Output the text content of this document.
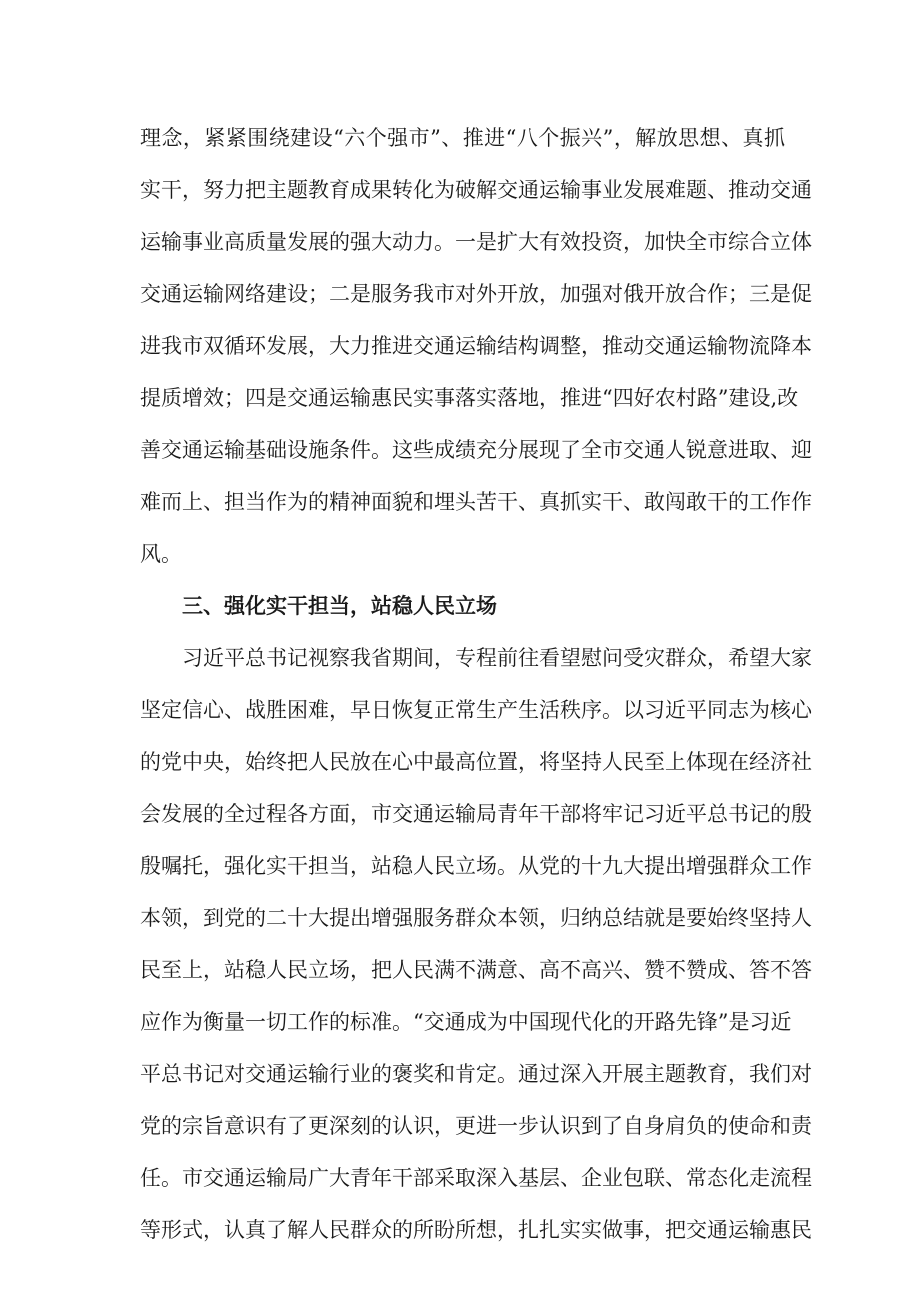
理念，紧紧围绕建设“六个强市”、推进“八个振兴”，解放思想、真抓
实干，努力把主题教育成果转化为破解交通运输事业发展难题、推动交通
运输事业高质量发展的强大动力。一是扩大有效投资，加快全市综合立体
交通运输网络建设；二是服务我市对外开放，加强对俄开放合作；三是促
进我市双循环发展，大力推进交通运输结构调整，推动交通运输物流降本
提质增效；四是交通运输惠民实事落实落地，推进“四好农村路”建设,改
善交通运输基础设施条件。这些成绩充分展现了全市交通人锐意进取、迎
难而上、担当作为的精神面貌和埋头苦干、真抓实干、敢闯敢干的工作作
风。
三、强化实干担当，站稳人民立场
习近平总书记视察我省期间，专程前往看望慰问受灾群众，希望大家
坚定信心、战胜困难，早日恢复正常生产生活秩序。以习近平同志为核心
的党中央，始终把人民放在心中最高位置，将坚持人民至上体现在经济社
会发展的全过程各方面，市交通运输局青年干部将牢记习近平总书记的殷
殷嘱托，强化实干担当，站稳人民立场。从党的十九大提出增强群众工作
本领，到党的二十大提出增强服务群众本领，归纳总结就是要始终坚持人
民至上，站稳人民立场，把人民满不满意、高不高兴、赞不赞成、答不答
应作为衡量一切工作的标准。“交通成为中国现代化的开路先锋”是习近
平总书记对交通运输行业的褒奖和肯定。通过深入开展主题教育，我们对
党的宗旨意识有了更深刻的认识，更进一步认识到了自身肩负的使命和责
任。市交通运输局广大青年干部采取深入基层、企业包联、常态化走流程
等形式，认真了解人民群众的所盼所想，扎扎实实做事，把交通运输惠民
